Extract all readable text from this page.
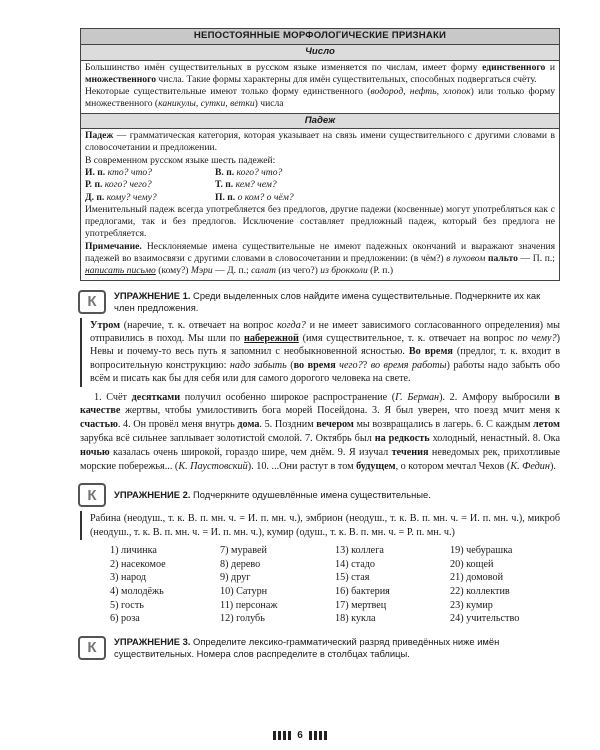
НЕПОСТОЯННЫЕ МОРФОЛОГИЧЕСКИЕ ПРИЗНАКИ
Число

Большинство имён существительных в русском языке изменяется по числам, имеет форму единственного и множественного числа. Такие формы характерны для имён существительных, способных подвергаться счёту.

Некоторые существительные имеют только форму единственного (водород, нефть, хлопок) или только форму множественного (каникулы, сутки, ветки) числа

Падеж

Падеж — грамматическая категория, которая указывает на связь имени существительного с другими словами в словосочетании и предложении.

В современном русском языке шесть падежей:

И. п. кто? что?	В. п. кого? что?
Р. п. кого? чего?	Т. п. кем? чем?
Д. п. кому? чему?	П. п. о ком? о чём?

Именительный падеж всегда употребляется без предлогов, другие падежи (косвенные) могут употребляться как с предлогами, так и без предлогов. Исключение составляет предложный падеж, который без предлога не употребляется.

Примечание. Несклоняемые имена существительные не имеют падежных окончаний и выражают значения падежей во взаимосвязи с другими словами в словосочетании и предложении: (в чём?) в пуховом пальто — П. п.; написать письмо (кому?) Мэри — Д. п.; салат (из чего?) из брокколи (Р. п.)

К	УПРАЖНЕНИЕ 1. Среди выделенных слов найдите имена существительные. Подчеркните их как член предложения.
Утром (наречие, т. к. отвечает на вопрос когда? и не имеет зависимого согласованного определения) мы отправились в поход. Мы шли по набережной (имя существительное, т. к. отвечает на вопрос по чему?) Невы и почему-то весь путь я запомнил с необыкновенной ясностью. Во время (предлог, т. к. входит в вопросительную конструкцию: надо забыть (во время чего?? во время работы) работы надо забыть обо всём и писать как бы для себя или для самого дорогого человека на свете.
1. Счёт десятками получил особенно широкое распространение (Г. Берман). 2. Амфору выбросили в качестве жертвы, чтобы умилостивить бога морей Посейдона. 3. Я был уверен, что поезд мчит меня к счастью. 4. Он провёл меня внутрь дома. 5. Поздним вечером мы возвращались в лагерь. 6. С каждым летом зарубка всё сильнее заплывает золотистой смолой. 7. Октябрь был на редкость холодный, ненастный. 8. Ока ночью казалась очень широкой, гораздо шире, чем днём. 9. Я изучал течения неведомых рек, прихотливые морские побережья... (К. Паустовский). 10. ...Они растут в том будущем, о котором мечтал Чехов (К. Федин).
К	УПРАЖНЕНИЕ 2. Подчеркните одушевлённые имена существительные.
Рабина (неодуш., т. к. В. п. мн. ч. = И. п. мн. ч.), эмбрион (неодуш., т. к. В. п. мн. ч. = И. п. мн. ч.), микроб (неодуш., т. к. В. п. мн. ч. = И. п. мн. ч.), кумир (одуш., т. к. В. п. мн. ч. = Р. п. мн. ч.)
1) личинка	7) муравей	13) коллега	19) чебурашка
2) насекомое	8) дерево	14) стадо	20) кощей
3) народ	9) друг	15) стая	21) домовой
4) молодёжь	10) Сатурн	16) бактерия	22) коллектив
5) гость	11) персонаж	17) мертвец	23) кумир
6) роза	12) голубь	18) кукла	24) учительство
К	УПРАЖНЕНИЕ 3. Определите лексико-грамматический разряд приведённых ниже имён существительных. Номера слов распределите в столбцах таблицы.
6
